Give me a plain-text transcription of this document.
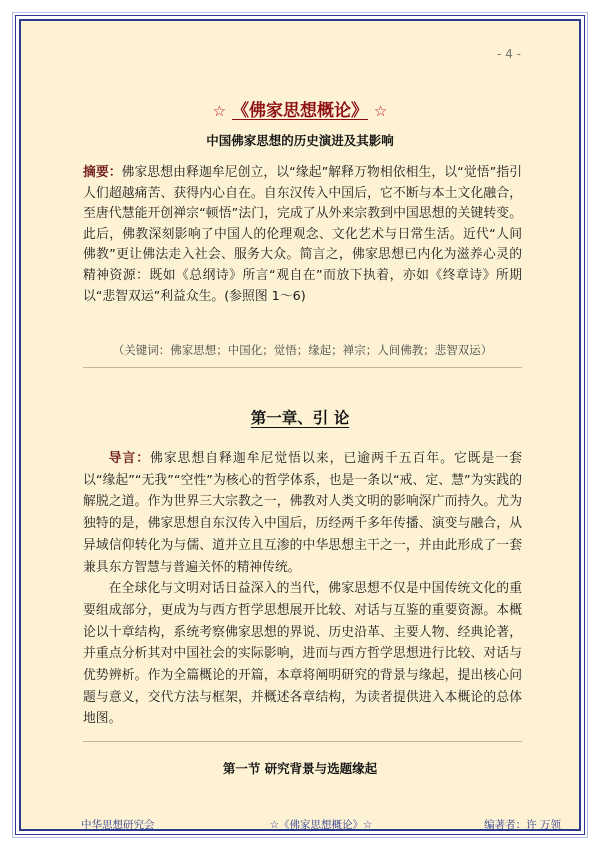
- 4 -
☆ 《佛家思想概论》 ☆
中国佛家思想的历史演进及其影响
摘要：佛家思想由释迦牟尼创立，以“缘起”解释万物相依相生，以“觉悟”指引人们超越痛苦、获得内心自在。自东汉传入中国后，它不断与本土文化融合，至唐代慧能开创禅宗“顿悟”法门，完成了从外来宗教到中国思想的关键转变。此后，佛教深刻影响了中国人的伦理观念、文化艺术与日常生活。近代“人间佛教”更让佛法走入社会、服务大众。简言之，佛家思想已内化为滋养心灵的精神资源：既如《总纲诗》所言“观自在”而放下执着，亦如《终章诗》所期以“悲智双运”利益众生。(参照图 1～6)
（关键词：佛家思想；中国化；觉悟；缘起；禅宗；人间佛教；悲智双运）
第一章、引 论

导言：佛家思想自释迦牟尼觉悟以来，已逾两千五百年。它既是一套以“缘起”“无我”“空性”为核心的哲学体系，也是一条以“戒、定、慧”为实践的解脱之道。作为世界三大宗教之一，佛教对人类文明的影响深广而持久。尤为独特的是，佛家思想自东汉传入中国后，历经两千多年传播、演变与融合，从异域信仰转化为与儒、道并立且互渗的中华思想主干之一，并由此形成了一套兼具东方智慧与普遍关怀的精神传统。

在全球化与文明对话日益深入的当代，佛家思想不仅是中国传统文化的重要组成部分，更成为与西方哲学思想展开比较、对话与互鉴的重要资源。本概论以十章结构，系统考察佛家思想的界说、历史沿革、主要人物、经典论著，并重点分析其对中国社会的实际影响，进而与西方哲学思想进行比较、对话与优势辨析。作为全篇概论的开篇，本章将阐明研究的背景与缘起，提出核心问题与意义，交代方法与框架，并概述各章结构，为读者提供进入本概论的总体地图。

第一节 研究背景与选题缘起
中华思想研究会	☆《佛家思想概论》☆	编著者：许 万领
